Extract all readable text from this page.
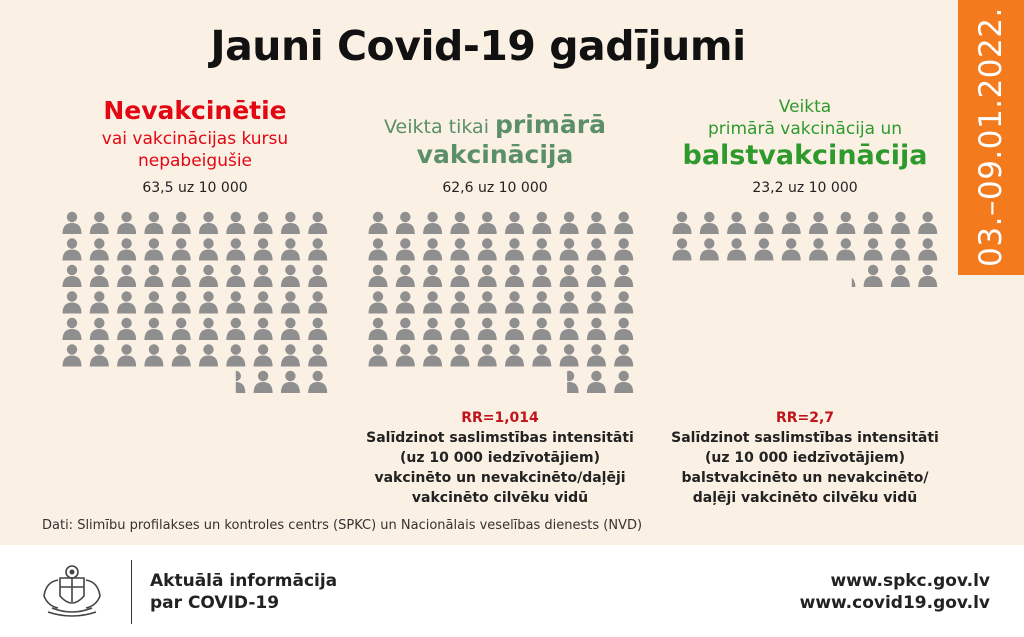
Jauni Covid-19 gadījumi	03.–09.01.2022.
Nevakcinētie
vai vakcinācijas kursu
nepabeigušie
63,5 uz 10 000
Veikta tikai primārā
vakcinācija
62,6 uz 10 000
Veikta
primārā vakcinācija un
balstvakcinācija
23,2 uz 10 000
RR=1,014
Salīdzinot saslimstības intensitāti
(uz 10 000 iedzīvotājiem)
vakcinēto un nevakcinēto/daļēji
vakcinēto cilvēku vidū
RR=2,7
Salīdzinot saslimstības intensitāti
(uz 10 000 iedzīvotājiem)
balstvakcinēto un nevakcinēto/
daļēji vakcinēto cilvēku vidū
Dati: Slimību profilakses un kontroles centrs (SPKC) un Nacionālais veselības dienests (NVD)
Aktuālā informācija
par COVID-19
www.spkc.gov.lv
www.covid19.gov.lv
